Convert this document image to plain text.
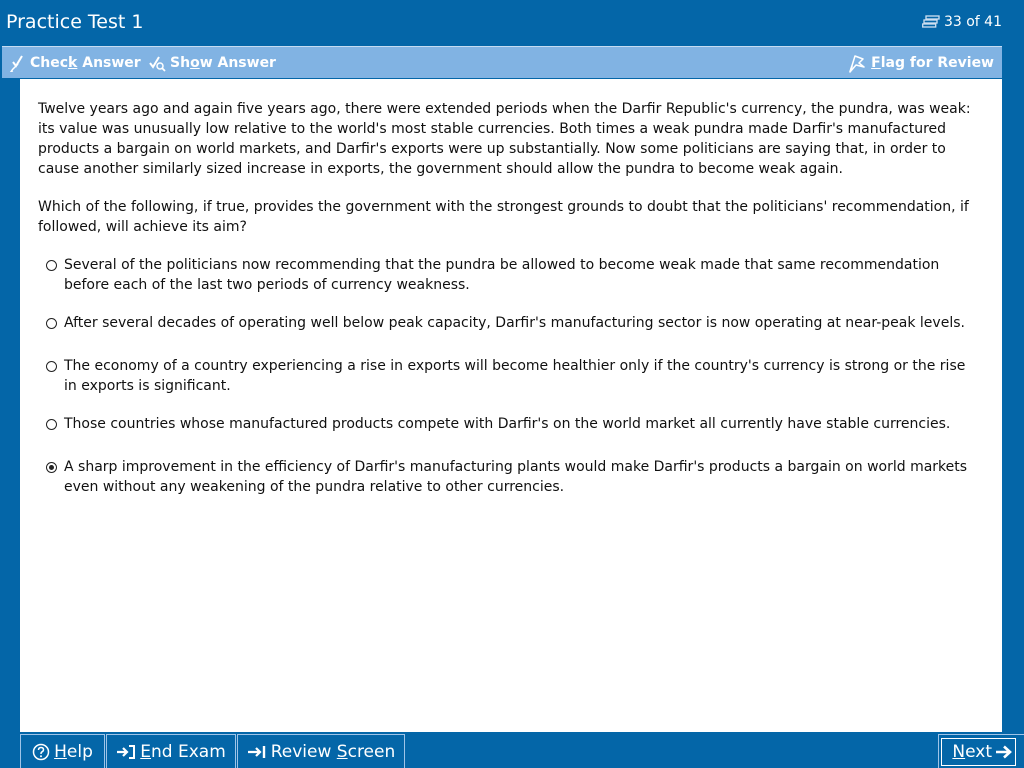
Practice Test 1	33 of 41
Check Answer Show Answer	Flag for Review

Twelve years ago and again five years ago, there were extended periods when the Darfir Republic's currency, the pundra, was weak: its value was unusually low relative to the world's most stable currencies. Both times a weak pundra made Darfir's manufactured products a bargain on world markets, and Darfir's exports were up substantially. Now some politicians are saying that, in order to cause another similarly sized increase in exports, the government should allow the pundra to become weak again.

Which of the following, if true, provides the government with the strongest grounds to doubt that the politicians' recommendation, if followed, will achieve its aim?

Several of the politicians now recommending that the pundra be allowed to become weak made that same recommendation before each of the last two periods of currency weakness.
After several decades of operating well below peak capacity, Darfir's manufacturing sector is now operating at near-peak levels.
The economy of a country experiencing a rise in exports will become healthier only if the country's currency is strong or the rise in exports is significant.
Those countries whose manufactured products compete with Darfir's on the world market all currently have stable currencies.
A sharp improvement in the efficiency of Darfir's manufacturing plants would make Darfir's products a bargain on world markets even without any weakening of the pundra relative to other currencies.
Help	End Exam	Review Screen	Next
